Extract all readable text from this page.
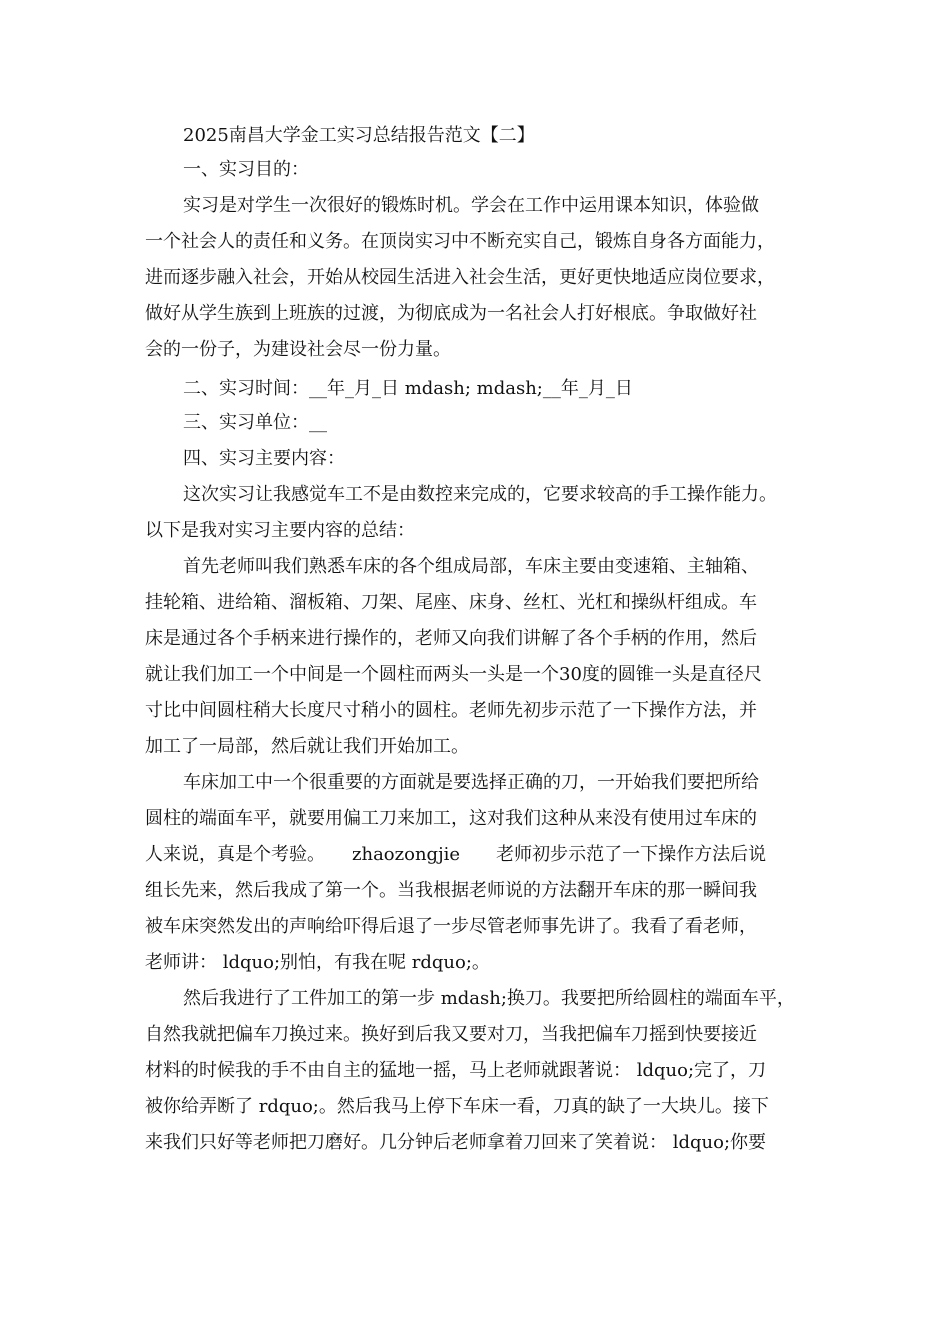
2025南昌大学金工实习总结报告范文【二】
一、实习目的：
实习是对学生一次很好的锻炼时机。学会在工作中运用课本知识，体验做
一个社会人的责任和义务。在顶岗实习中不断充实自己，锻炼自身各方面能力，
进而逐步融入社会，开始从校园生活进入社会生活，更好更快地适应岗位要求，
做好从学生族到上班族的过渡，为彻底成为一名社会人打好根底。争取做好社
会的一份子，为建设社会尽一份力量。
二、实习时间：__年_月_日 mdash; mdash;__年_月_日
三、实习单位：__
四、实习主要内容：
这次实习让我感觉车工不是由数控来完成的，它要求较高的手工操作能力。
以下是我对实习主要内容的总结：
首先老师叫我们熟悉车床的各个组成局部，车床主要由变速箱、主轴箱、
挂轮箱、进给箱、溜板箱、刀架、尾座、床身、丝杠、光杠和操纵杆组成。车
床是通过各个手柄来进行操作的，老师又向我们讲解了各个手柄的作用，然后
就让我们加工一个中间是一个圆柱而两头一头是一个30度的圆锥一头是直径尺
寸比中间圆柱稍大长度尺寸稍小的圆柱。老师先初步示范了一下操作方法，并
加工了一局部，然后就让我们开始加工。
车床加工中一个很重要的方面就是要选择正确的刀，一开始我们要把所给
圆柱的端面车平，就要用偏工刀来加工，这对我们这种从来没有使用过车床的
人来说，真是个考验。　　zhaozongjie　　老师初步示范了一下操作方法后说
组长先来，然后我成了第一个。当我根据老师说的方法翻开车床的那一瞬间我
被车床突然发出的声响给吓得后退了一步尽管老师事先讲了。我看了看老师，
老师讲： ldquo;别怕，有我在呢 rdquo;。
然后我进行了工件加工的第一步 mdash;换刀。我要把所给圆柱的端面车平，
自然我就把偏车刀换过来。换好到后我又要对刀，当我把偏车刀摇到快要接近
材料的时候我的手不由自主的猛地一摇，马上老师就跟著说： ldquo;完了，刀
被你给弄断了 rdquo;。然后我马上停下车床一看，刀真的缺了一大块儿。接下
来我们只好等老师把刀磨好。几分钟后老师拿着刀回来了笑着说： ldquo;你要
